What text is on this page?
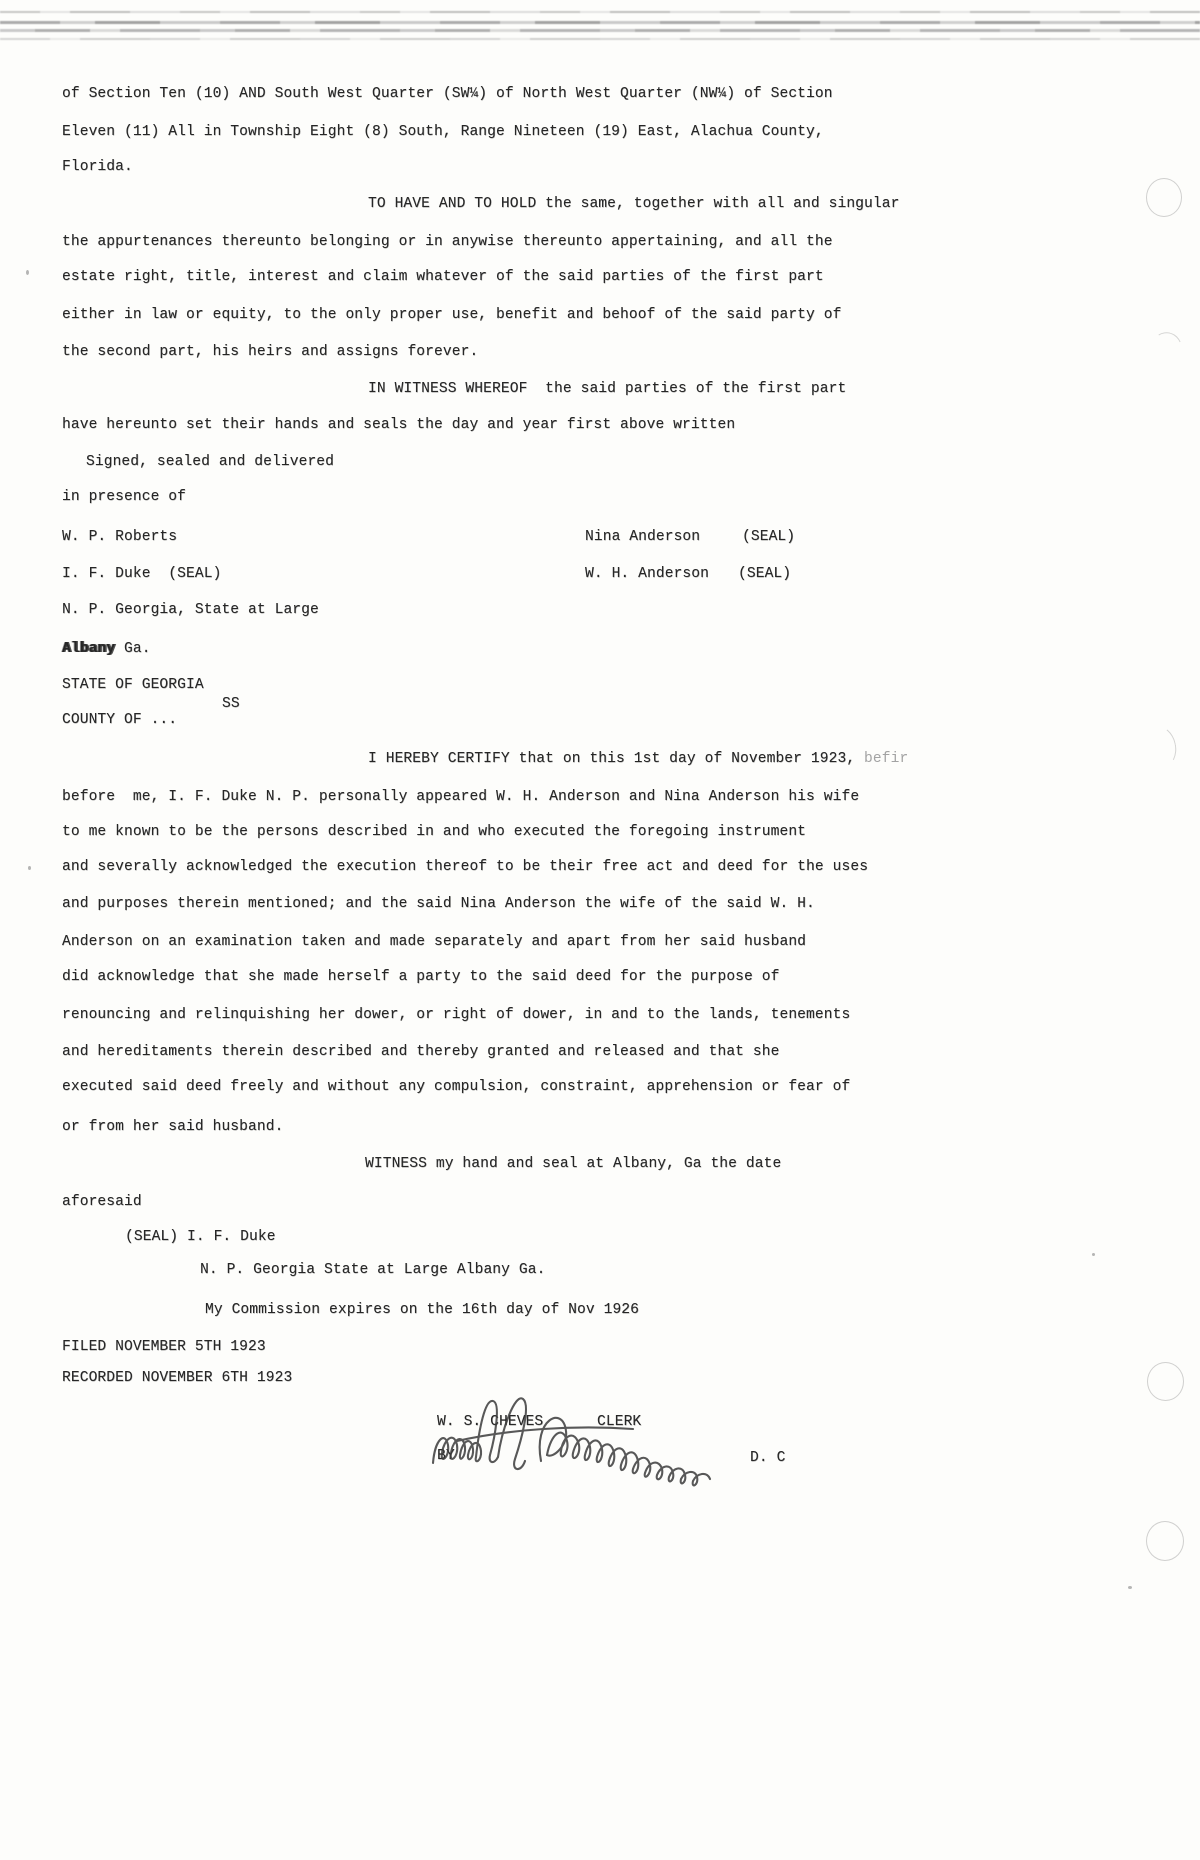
of Section Ten (10) AND South West Quarter (SW¼) of North West Quarter (NW¼) of Section
Eleven (11) All in Township Eight (8) South, Range Nineteen (19) East, Alachua County,
Florida.
TO HAVE AND TO HOLD the same, together with all and singular
the appurtenances thereunto belonging or in anywise thereunto appertaining, and all the
estate right, title, interest and claim whatever of the said parties of the first part
either in law or equity, to the only proper use, benefit and behoof of the said party of
the second part, his heirs and assigns forever.
IN WITNESS WHEREOF  the said parties of the first part
have hereunto set their hands and seals the day and year first above written
Signed, sealed and delivered
in presence of
W. P. Roberts	Nina Anderson	(SEAL)
I. F. Duke  (SEAL)	W. H. Anderson (SEAL)
N. P. Georgia, State at Large
Albany Ga.
STATE OF GEORGIA
SS
COUNTY OF ...
I HEREBY CERTIFY that on this 1st day of November 1923, befir
before  me, I. F. Duke N. P. personally appeared W. H. Anderson and Nina Anderson his wife
to me known to be the persons described in and who executed the foregoing instrument
and severally acknowledged the execution thereof to be their free act and deed for the uses
and purposes therein mentioned; and the said Nina Anderson the wife of the said W. H.
Anderson on an examination taken and made separately and apart from her said husband
did acknowledge that she made herself a party to the said deed for the purpose of
renouncing and relinquishing her dower, or right of dower, in and to the lands, tenements
and hereditaments therein described and thereby granted and released and that she
executed said deed freely and without any compulsion, constraint, apprehension or fear of
or from her said husband.
WITNESS my hand and seal at Albany, Ga the date
aforesaid
(SEAL) I. F. Duke
N. P. Georgia State at Large Albany Ga.
My Commission expires on the 16th day of Nov 1926
FILED NOVEMBER 5TH 1923
RECORDED NOVEMBER 6TH 1923
W. S. CHEVES	CLERK
BY	D. C
